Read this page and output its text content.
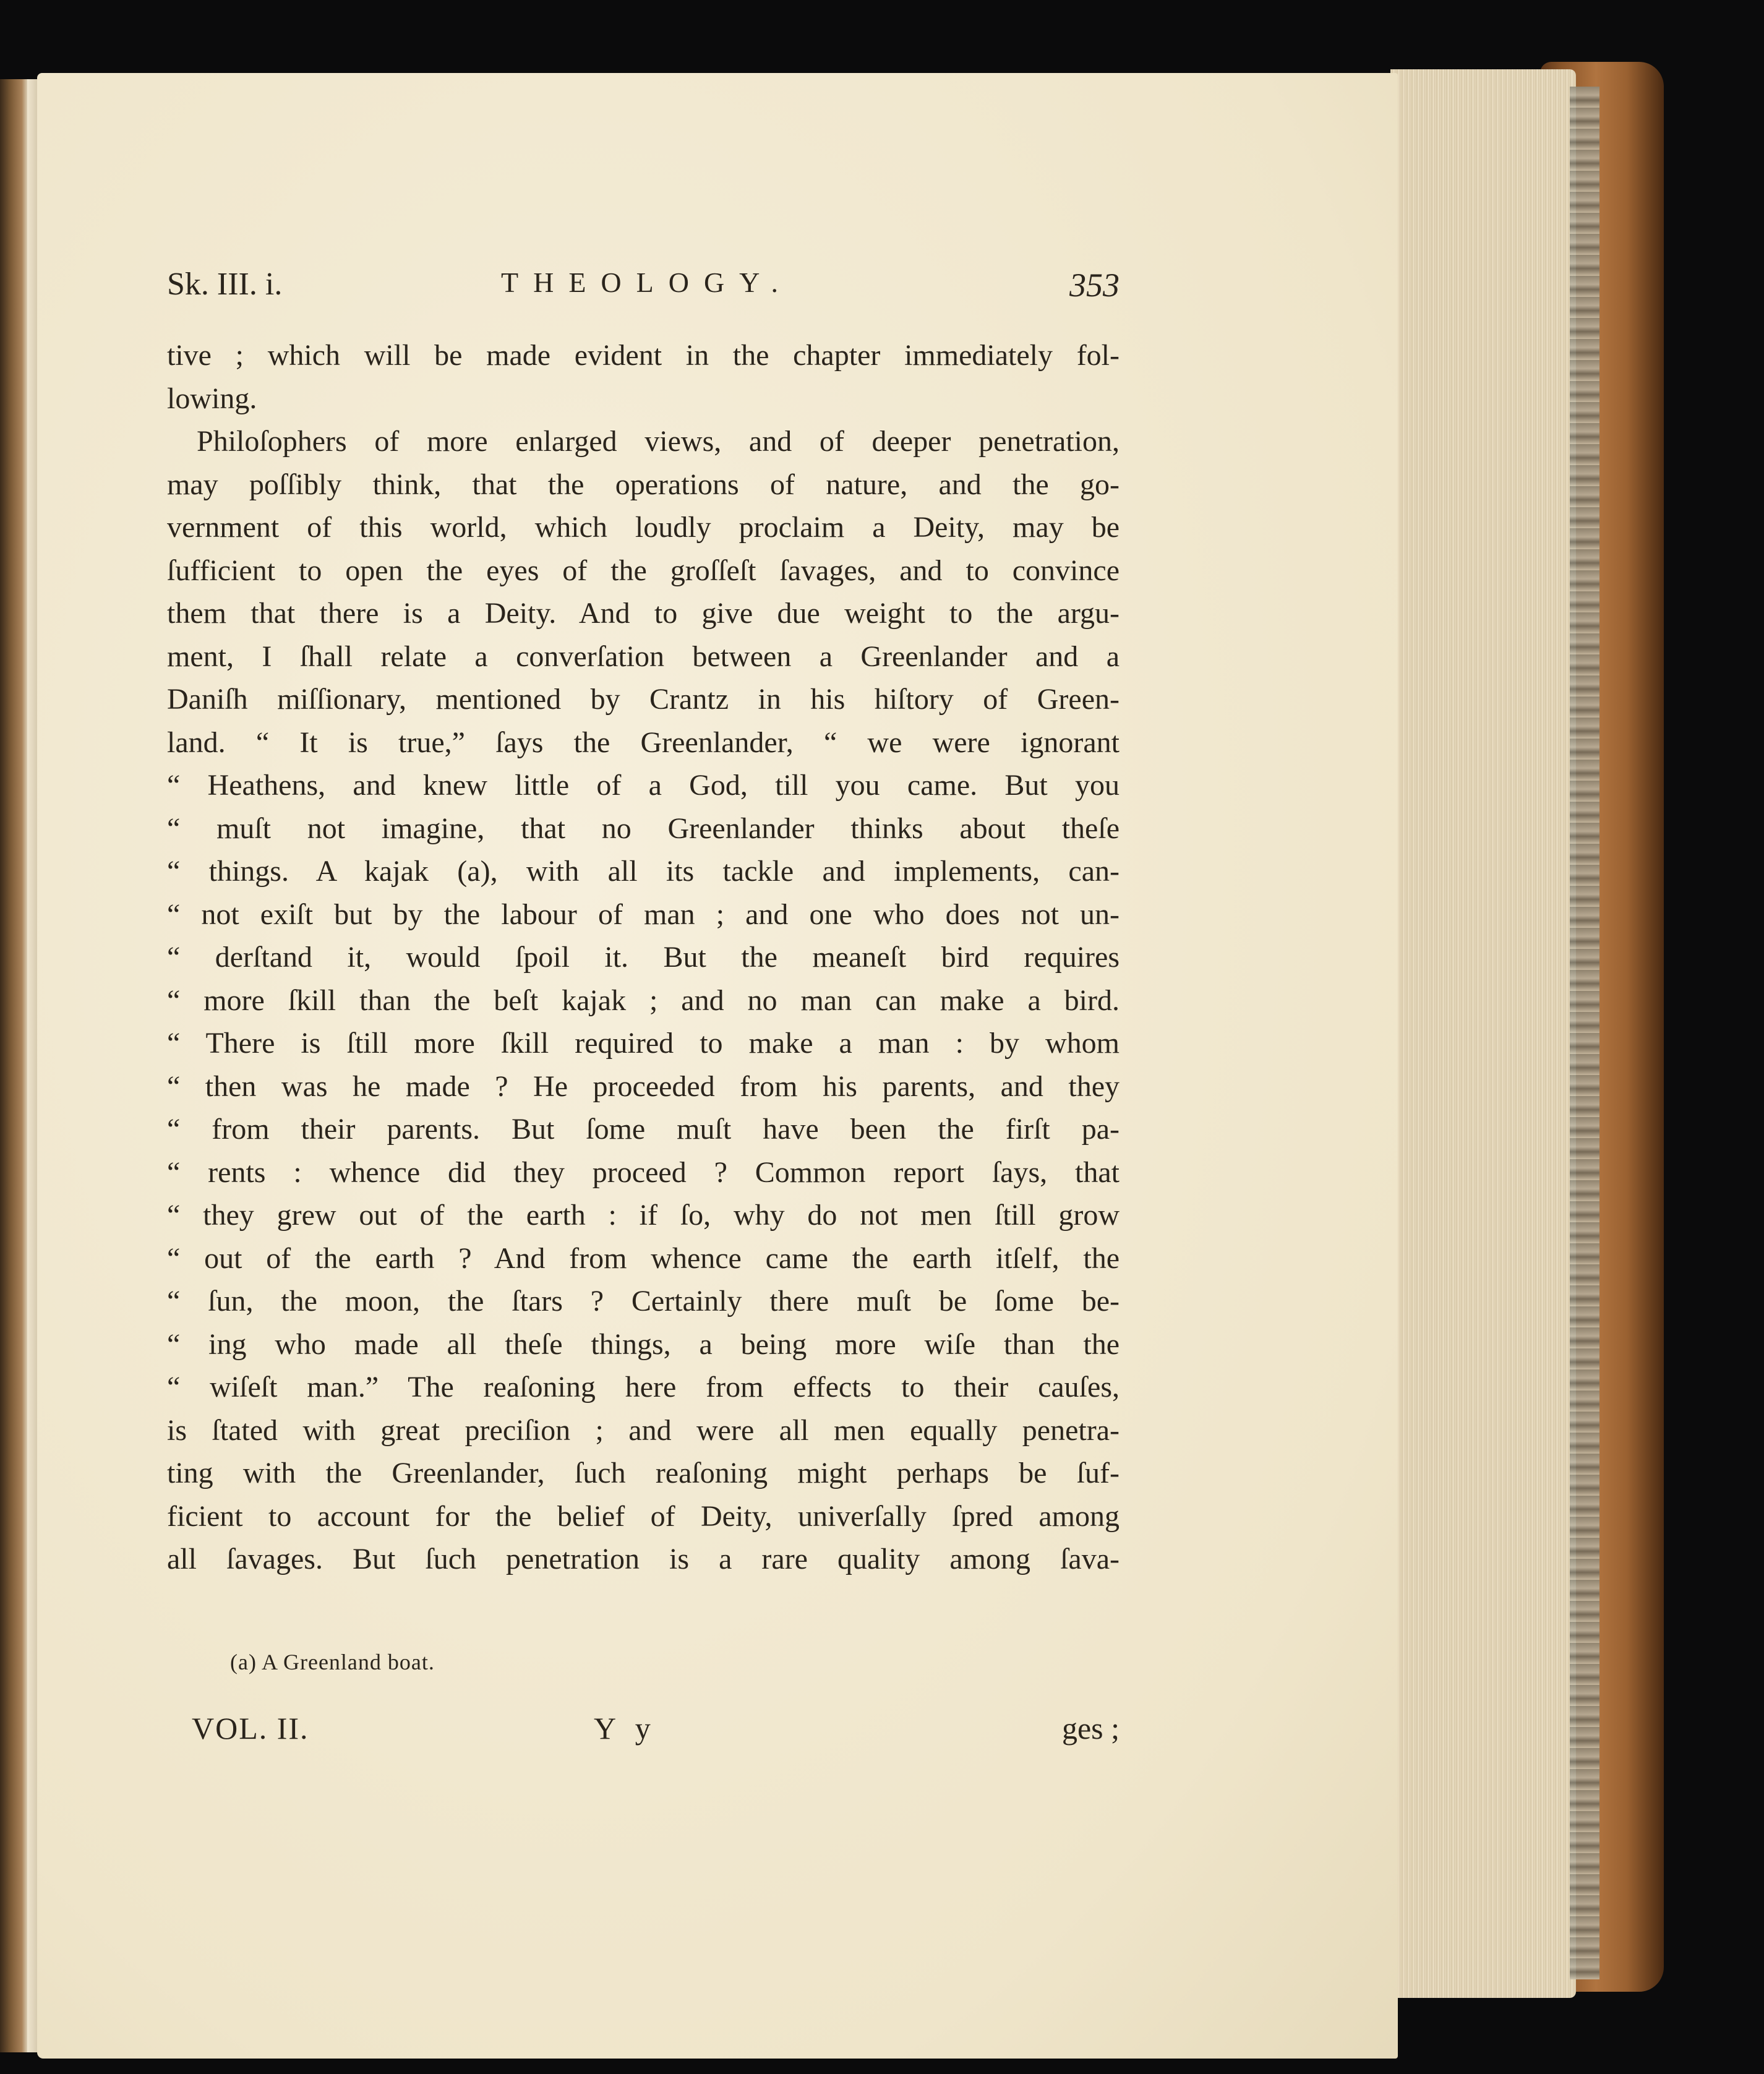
Sk. III. i.	THEOLOGY.	353
tive ; which will be made evident in the chapter immediately fol-
lowing.
Philoſophers of more enlarged views, and of deeper penetration,
may poſſibly think, that the operations of nature, and the go-
vernment of this world, which loudly proclaim a Deity, may be
ſufficient to open the eyes of the groſſeſt ſavages, and to convince
them that there is a Deity. And to give due weight to the argu-
ment, I ſhall relate a converſation between a Greenlander and a
Daniſh miſſionary, mentioned by Crantz in his hiſtory of Green-
land. “ It is true,” ſays the Greenlander, “ we were ignorant
“ Heathens, and knew little of a God, till you came. But you
“ muſt not imagine, that no Greenlander thinks about theſe
“ things. A kajak (a), with all its tackle and implements, can-
“ not exiſt but by the labour of man ; and one who does not un-
“ derſtand it, would ſpoil it. But the meaneſt bird requires
“ more ſkill than the beſt kajak ; and no man can make a bird.
“ There is ſtill more ſkill required to make a man : by whom
“ then was he made ? He proceeded from his parents, and they
“ from their parents. But ſome muſt have been the firſt pa-
“ rents : whence did they proceed ? Common report ſays, that
“ they grew out of the earth : if ſo, why do not men ſtill grow
“ out of the earth ? And from whence came the earth itſelf, the
“ ſun, the moon, the ſtars ? Certainly there muſt be ſome be-
“ ing who made all theſe things, a being more wiſe than the
“ wiſeſt man.” The reaſoning here from effects to their cauſes,
is ſtated with great preciſion ; and were all men equally penetra-
ting with the Greenlander, ſuch reaſoning might perhaps be ſuf-
ficient to account for the belief of Deity, univerſally ſpred among
all ſavages. But ſuch penetration is a rare quality among ſava-
(a) A Greenland boat.
VOL. II.	Y y	ges ;
